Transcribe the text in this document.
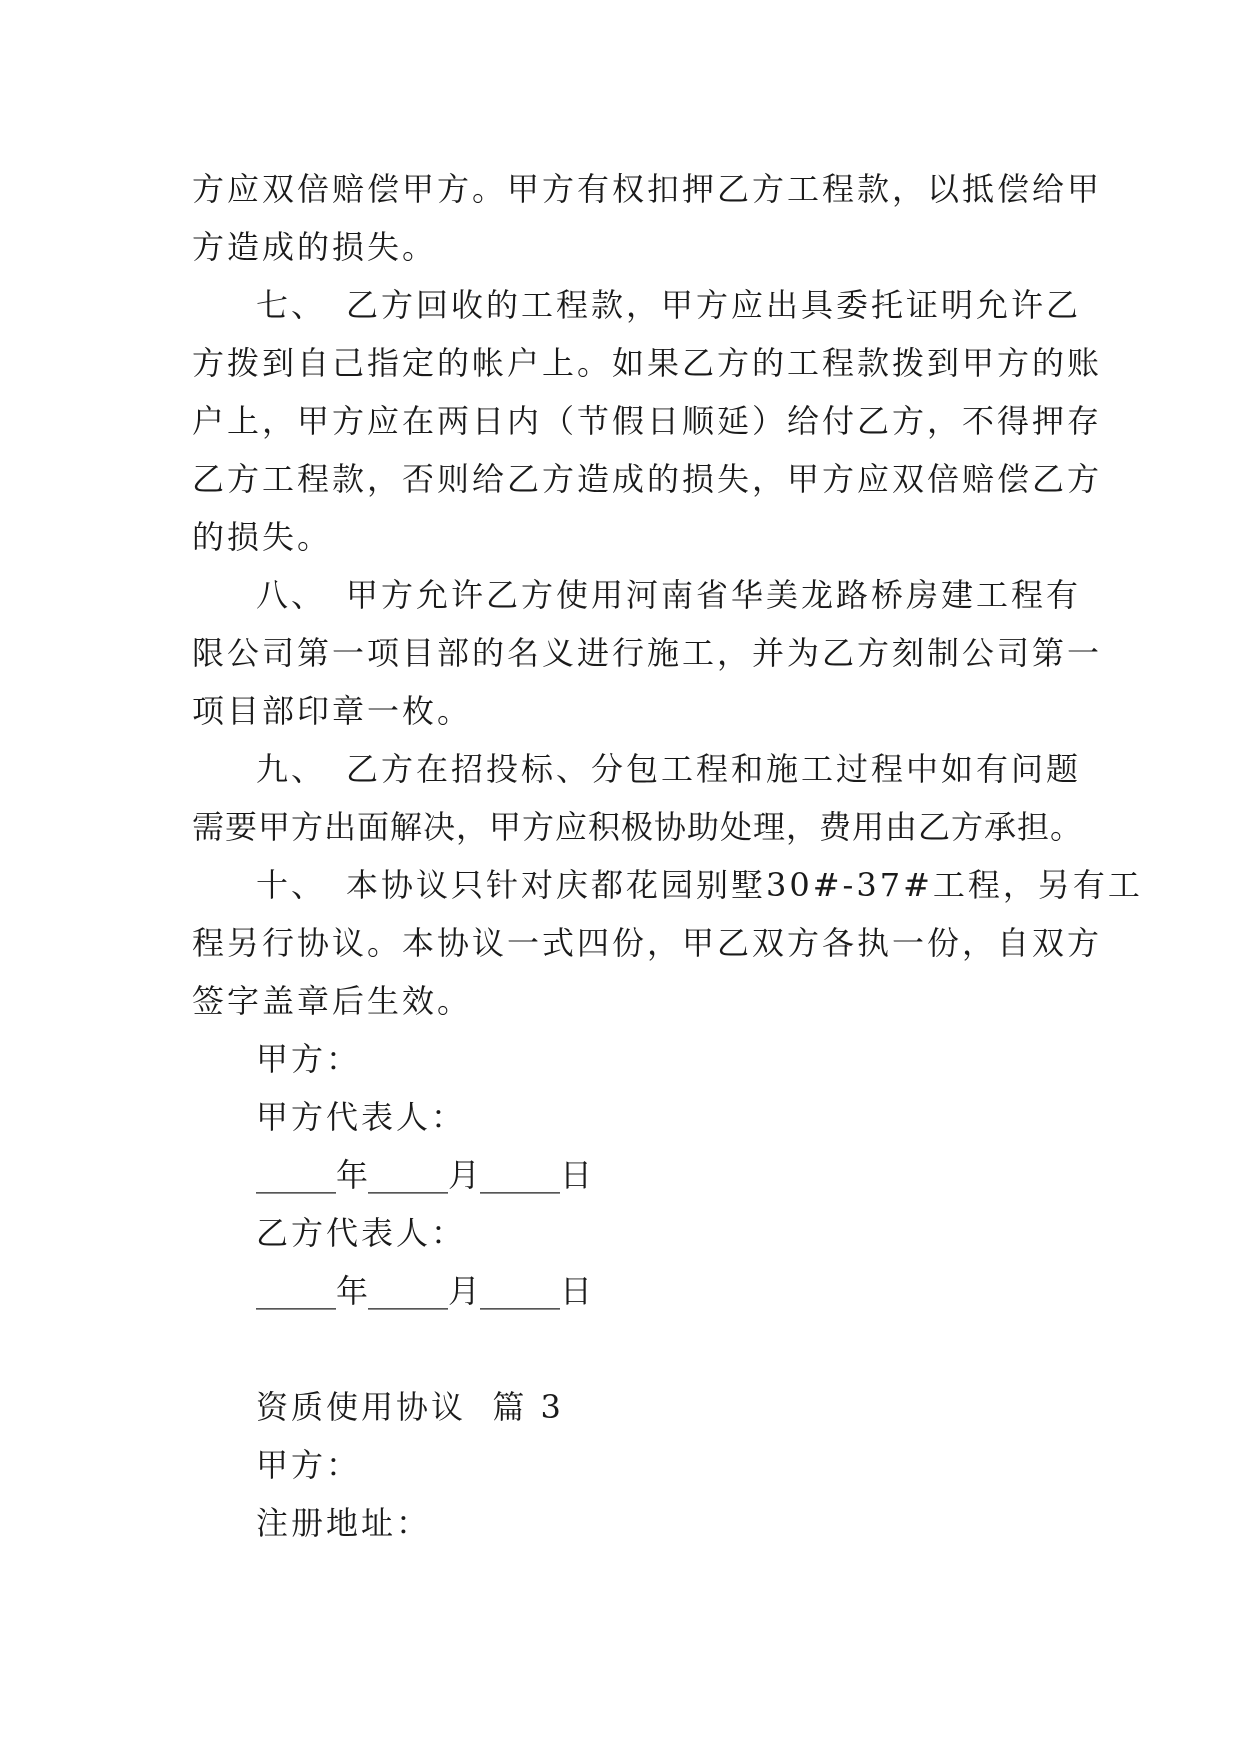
方应双倍赔偿甲方。甲方有权扣押乙方工程款，以抵偿给甲
方造成的损失。
七、 乙方回收的工程款，甲方应出具委托证明允许乙
方拨到自己指定的帐户上。如果乙方的工程款拨到甲方的账
户上，甲方应在两日内（节假日顺延）给付乙方，不得押存
乙方工程款，否则给乙方造成的损失，甲方应双倍赔偿乙方
的损失。
八、 甲方允许乙方使用河南省华美龙路桥房建工程有
限公司第一项目部的名义进行施工，并为乙方刻制公司第一
项目部印章一枚。
九、 乙方在招投标、分包工程和施工过程中如有问题
需要甲方出面解决，甲方应积极协助处理，费用由乙方承担。
十、 本协议只针对庆都花园别墅30#-37#工程，另有工
程另行协议。本协议一式四份，甲乙双方各执一份，自双方
签字盖章后生效。
甲方：
甲方代表人：
_____年_____月_____日
乙方代表人：
_____年_____月_____日
资质使用协议  篇 3
甲方：
注册地址：
